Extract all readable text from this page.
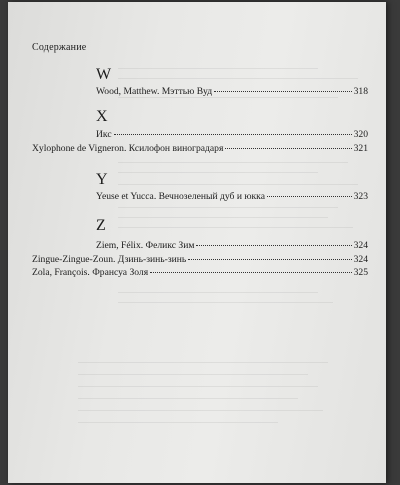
Содержание
W
Wood, Matthew. Мэттью Вуд	318
X
Икс	320
Xylophone de Vigneron. Ксилофон виноградаря	321
Y
Yeuse et Yucca. Вечнозеленый дуб и юкка	323
Z
Ziem, Félix. Феликс Зим	324
Zingue-Zingue-Zoun. Дзинь-зинь-зинь	324
Zola, François. Франсуа Золя	325
